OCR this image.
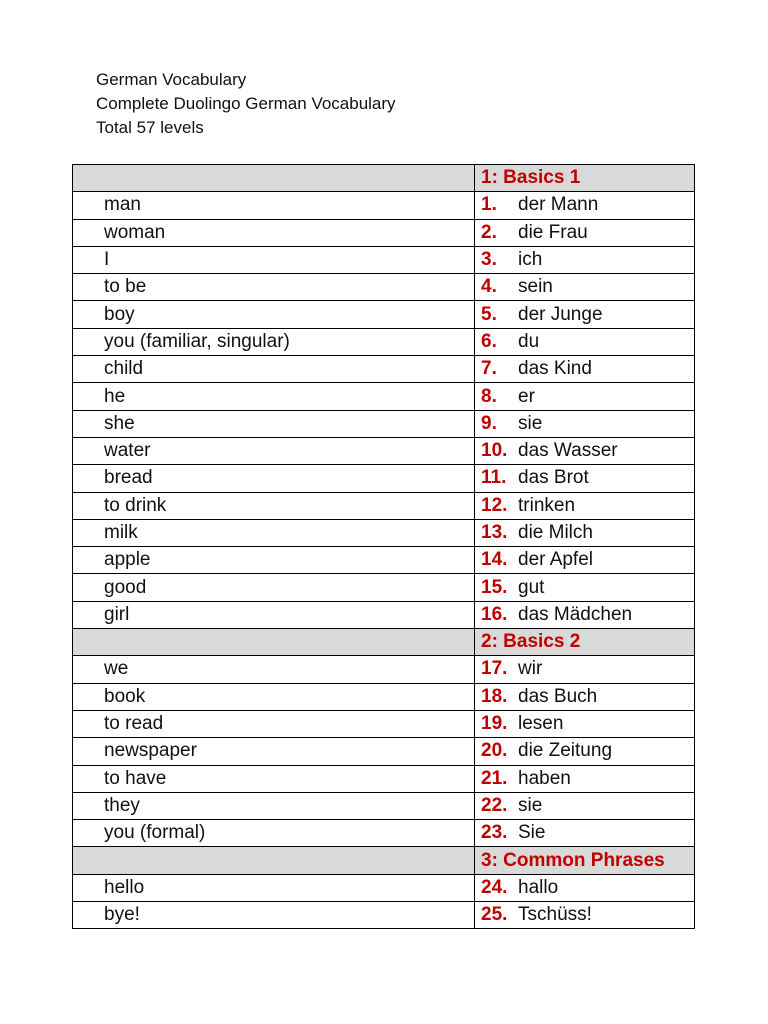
German Vocabulary
Complete Duolingo German Vocabulary
Total 57 levels
	1: Basics 1
man	1. der Mann
woman	2. die Frau
I	3. ich
to be	4. sein
boy	5. der Junge
you (familiar, singular)	6. du
child	7. das Kind
he	8. er
she	9. sie
water	10. das Wasser
bread	11. das Brot
to drink	12. trinken
milk	13. die Milch
apple	14. der Apfel
good	15. gut
girl	16. das Mädchen
	2: Basics 2
we	17. wir
book	18. das Buch
to read	19. lesen
newspaper	20. die Zeitung
to have	21. haben
they	22. sie
you (formal)	23. Sie
	3: Common Phrases
hello	24. hallo
bye!	25. Tschüss!
